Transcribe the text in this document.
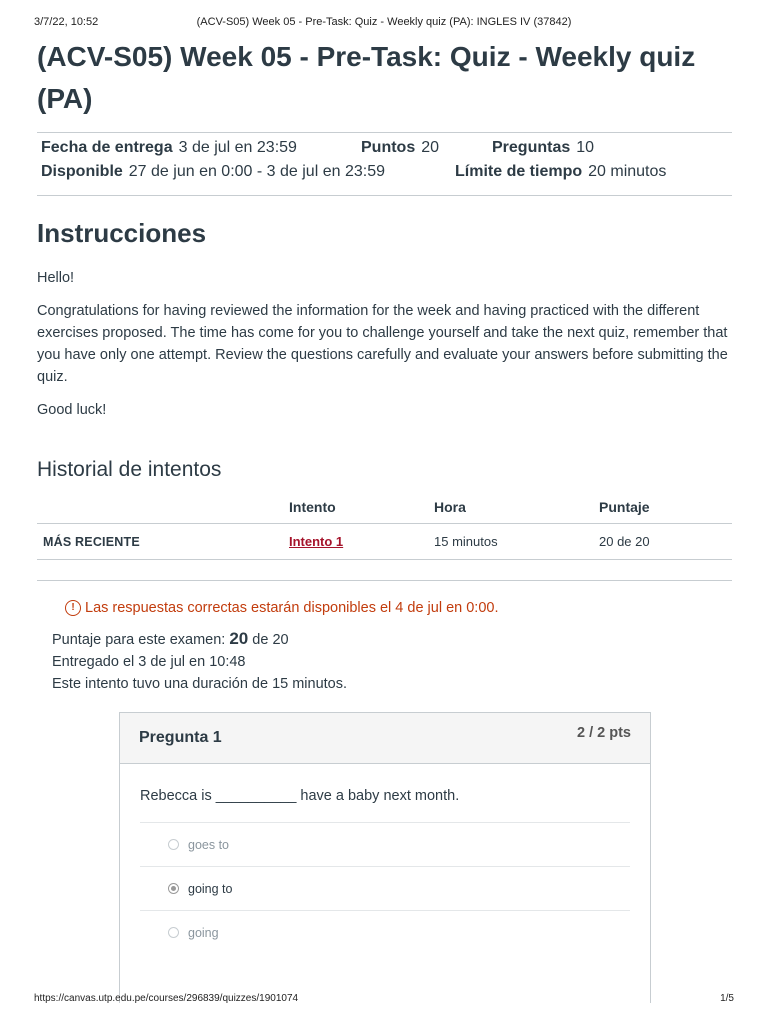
3/7/22, 10:52	(ACV-S05) Week 05 - Pre-Task: Quiz - Weekly quiz (PA): INGLES IV (37842)
(ACV-S05) Week 05 - Pre-Task: Quiz - Weekly quiz (PA)
Fecha de entrega 3 de jul en 23:59	Puntos 20	Preguntas 10
Disponible 27 de jun en 0:00 - 3 de jul en 23:59	Límite de tiempo 20 minutos
Instrucciones

Hello!

Congratulations for having reviewed the information for the week and having practiced with the different exercises proposed. The time has come for you to challenge yourself and take the next quiz, remember that you have only one attempt. Review the questions carefully and evaluate your answers before submitting the quiz.

Good luck!

Historial de intentos
	Intento	Hora	Puntaje
MÁS RECIENTE	Intento 1	15 minutos	20 de 20
! Las respuestas correctas estarán disponibles el 4 de jul en 0:00.
Puntaje para este examen: 20 de 20
Entregado el 3 de jul en 10:48
Este intento tuvo una duración de 15 minutos.
Pregunta 1	2 / 2 pts
Rebecca is __________ have a baby next month.
goes to
going to
going
https://canvas.utp.edu.pe/courses/296839/quizzes/1901074	1/5
